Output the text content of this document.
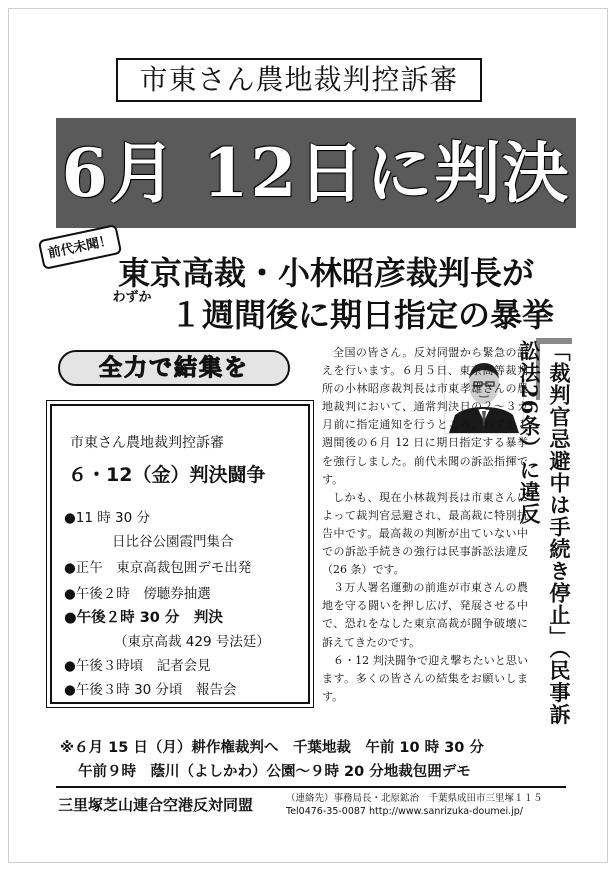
市東さん農地裁判控訴審
6月 12日に判決
前代未聞！
東京高裁・小林昭彦裁判長が
わずか １週間後に期日指定の暴挙
全力で結集を
市東さん農地裁判控訴審
６・12（金）判決闘争
●11 時 30 分
日比谷公園霞門集合
●正午　東京高裁包囲デモ出発
●午後２時　傍聴券抽選
●午後２時 30 分　判決
（東京高裁 429 号法廷）
●午後３時頃　記者会見
●午後３時 30 分頃　報告会

全国の皆さん。反対同盟から緊急の訴えを行います。６月５日、東京高等裁判所の小林昭彦裁判長は市東孝雄さんの農地裁判において、通常判決日の２〜３カ月前に指定通知を行うところ、わずか１週間後の６月 12 日に期日指定する暴挙を強行しました。前代未聞の訴訟指揮です。

しかも、現在小林裁判長は市東さんによって裁判官忌避され、最高裁に特別抗告中です。最高裁の判断が出ていない中での訴訟手続きの強行は民事訴訟法違反（26 条）です。

３万人署名運動の前進が市東さんの農地を守る闘いを押し広げ、発展させる中で、恐れをなした東京高裁が闘争破壊に訴えてきたのです。

６・12 判決闘争で迎え撃ちたいと思います。多くの皆さんの結集をお願いします。	「裁判官忌避中は手続き停止」（民事訴訟法26条）に違反
※６月 15 日（月）耕作権裁判へ　千葉地裁　午前 10 時 30 分
午前９時　蔭川（よしかわ）公園〜９時 20 分地裁包囲デモ
三里塚芝山連合空港反対同盟	（連絡先）事務局長・北原鉱治　千葉県成田市三里塚１１５
Tel0476-35-0087 http://www.sanrizuka-doumei.jp/
